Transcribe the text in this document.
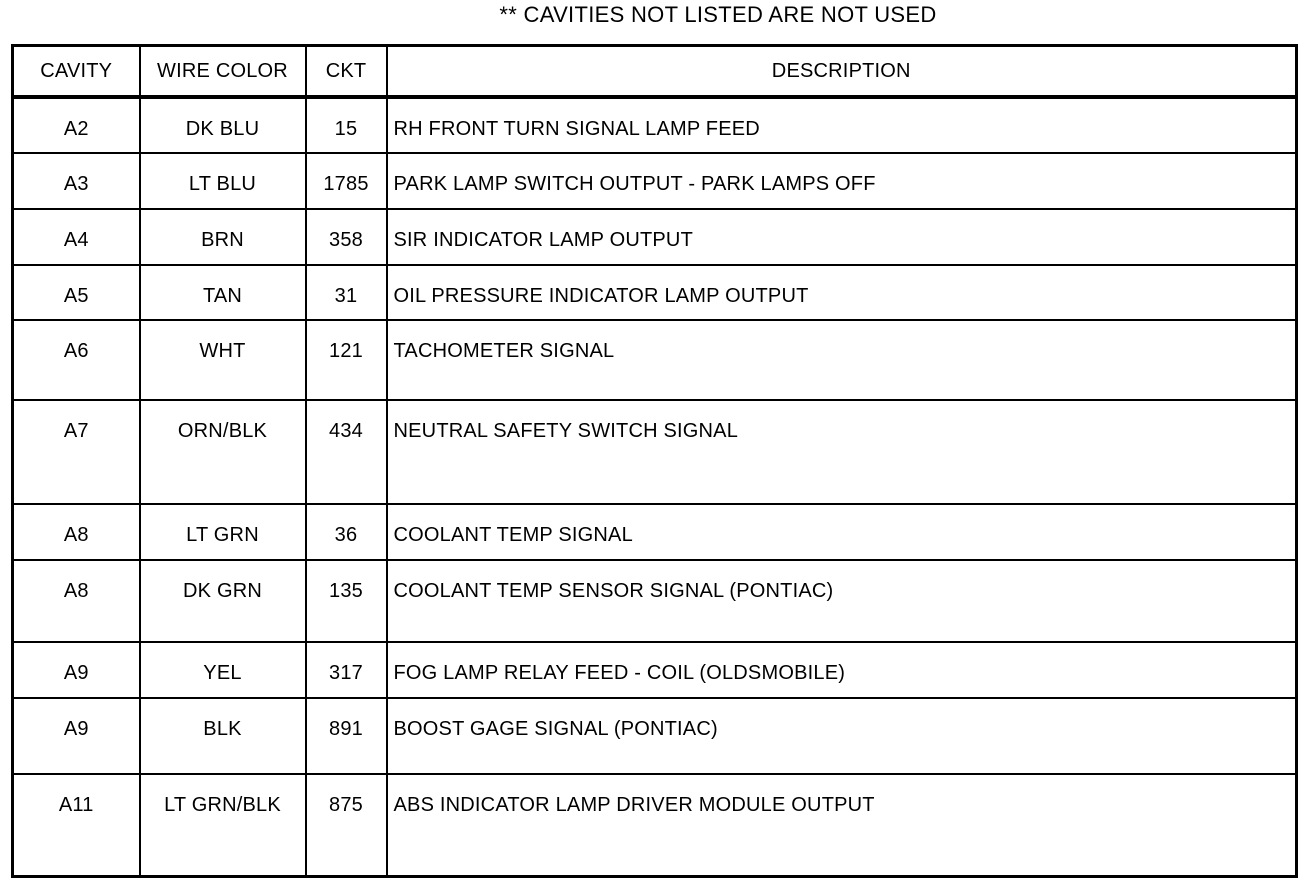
** CAVITIES NOT LISTED ARE NOT USED
CAVITY	WIRE COLOR	CKT	DESCRIPTION
A2	DK BLU	15	RH FRONT TURN SIGNAL LAMP FEED
A3	LT BLU	1785	PARK LAMP SWITCH OUTPUT - PARK LAMPS OFF
A4	BRN	358	SIR INDICATOR LAMP OUTPUT
A5	TAN	31	OIL PRESSURE INDICATOR LAMP OUTPUT
A6	WHT	121	TACHOMETER SIGNAL
A7	ORN/BLK	434	NEUTRAL SAFETY SWITCH SIGNAL
A8	LT GRN	36	COOLANT TEMP SIGNAL
A8	DK GRN	135	COOLANT TEMP SENSOR SIGNAL (PONTIAC)
A9	YEL	317	FOG LAMP RELAY FEED - COIL (OLDSMOBILE)
A9	BLK	891	BOOST GAGE SIGNAL (PONTIAC)
A11	LT GRN/BLK	875	ABS INDICATOR LAMP DRIVER MODULE OUTPUT
